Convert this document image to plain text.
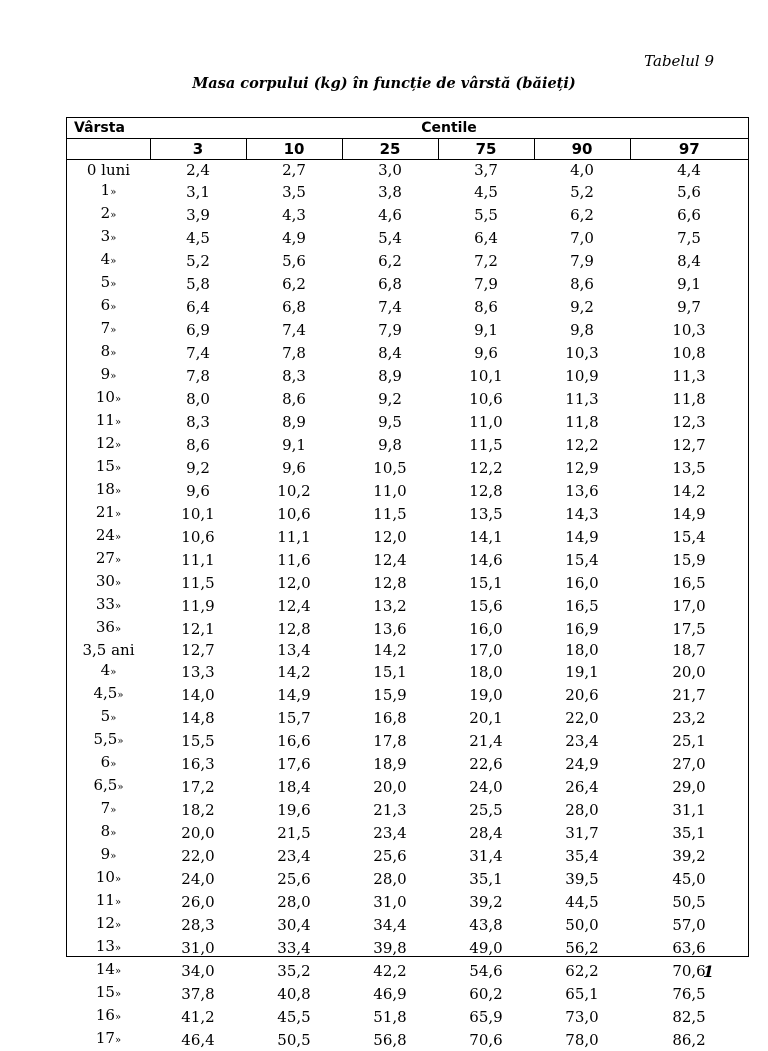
Tabelul 9
Masa corpului (kg) în funcție de vârstă (băieți)
Vârsta	Centile					
	3	10	25	75	90	97
0 luni	2,4	2,7	3,0	3,7	4,0	4,4
1»	3,1	3,5	3,8	4,5	5,2	5,6
2»	3,9	4,3	4,6	5,5	6,2	6,6
3»	4,5	4,9	5,4	6,4	7,0	7,5
4»	5,2	5,6	6,2	7,2	7,9	8,4
5»	5,8	6,2	6,8	7,9	8,6	9,1
6»	6,4	6,8	7,4	8,6	9,2	9,7
7»	6,9	7,4	7,9	9,1	9,8	10,3
8»	7,4	7,8	8,4	9,6	10,3	10,8
9»	7,8	8,3	8,9	10,1	10,9	11,3
10»	8,0	8,6	9,2	10,6	11,3	11,8
11»	8,3	8,9	9,5	11,0	11,8	12,3
12»	8,6	9,1	9,8	11,5	12,2	12,7
15»	9,2	9,6	10,5	12,2	12,9	13,5
18»	9,6	10,2	11,0	12,8	13,6	14,2
21»	10,1	10,6	11,5	13,5	14,3	14,9
24»	10,6	11,1	12,0	14,1	14,9	15,4
27»	11,1	11,6	12,4	14,6	15,4	15,9
30»	11,5	12,0	12,8	15,1	16,0	16,5
33»	11,9	12,4	13,2	15,6	16,5	17,0
36»	12,1	12,8	13,6	16,0	16,9	17,5
3,5 ani	12,7	13,4	14,2	17,0	18,0	18,7
4»	13,3	14,2	15,1	18,0	19,1	20,0
4,5»	14,0	14,9	15,9	19,0	20,6	21,7
5»	14,8	15,7	16,8	20,1	22,0	23,2
5,5»	15,5	16,6	17,8	21,4	23,4	25,1
6»	16,3	17,6	18,9	22,6	24,9	27,0
6,5»	17,2	18,4	20,0	24,0	26,4	29,0
7»	18,2	19,6	21,3	25,5	28,0	31,1
8»	20,0	21,5	23,4	28,4	31,7	35,1
9»	22,0	23,4	25,6	31,4	35,4	39,2
10»	24,0	25,6	28,0	35,1	39,5	45,0
11»	26,0	28,0	31,0	39,2	44,5	50,5
12»	28,3	30,4	34,4	43,8	50,0	57,0
13»	31,0	33,4	39,8	49,0	56,2	63,6
14»	34,0	35,2	42,2	54,6	62,2	70,6
15»	37,8	40,8	46,9	60,2	65,1	76,5
16»	41,2	45,5	51,8	65,9	73,0	82,5
17»	46,4	50,5	56,8	70,6	78,0	86,2
1
